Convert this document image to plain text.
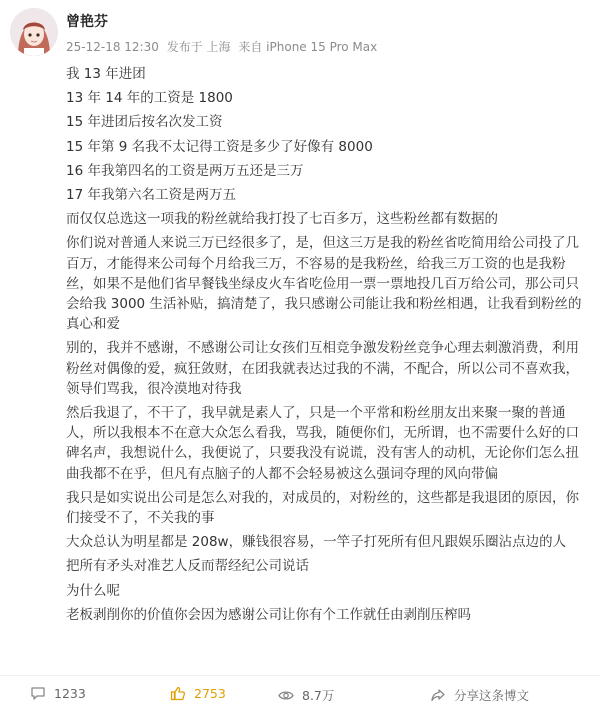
曾艳芬
25-12-18 12:30 发布于 上海 来自 iPhone 15 Pro Max

我 13 年进团

13 年 14 年的工资是 1800

15 年进团后按名次发工资

15 年第 9 名我不太记得工资是多少了好像有 8000

16 年我第四名的工资是两万五还是三万

17 年我第六名工资是两万五

而仅仅总选这一项我的粉丝就给我打投了七百多万，这些粉丝都有数据的

你们说对普通人来说三万已经很多了，是，但这三万是我的粉丝省吃简用给公司投了几百万，才能得来公司每个月给我三万，不容易的是我粉丝，给我三万工资的也是我粉丝，如果不是他们省早餐钱坐绿皮火车省吃俭用一票一票地投几百万给公司，那公司只会给我 3000 生活补贴，搞清楚了，我只感谢公司能让我和粉丝相遇，让我看到粉丝的真心和爱

别的，我并不感谢，不感谢公司让女孩们互相竞争激发粉丝竞争心理去刺激消费，利用粉丝对偶像的爱，疯狂敛财，在团我就表达过我的不满，不配合，所以公司不喜欢我，领导们骂我，很冷漠地对待我

然后我退了，不干了，我早就是素人了，只是一个平常和粉丝朋友出来聚一聚的普通人，所以我根本不在意大众怎么看我，骂我，随便你们，无所谓，也不需要什么好的口碑名声，我想说什么，我便说了，只要我没有说谎，没有害人的动机，无论你们怎么扭曲我都不在乎，但凡有点脑子的人都不会轻易被这么强词夺理的风向带偏

我只是如实说出公司是怎么对我的，对成员的，对粉丝的，这些都是我退团的原因，你们接受不了，不关我的事

大众总认为明星都是 208w，赚钱很容易，一竿子打死所有但凡跟娱乐圈沾点边的人

把所有矛头对准艺人反而帮经纪公司说话

为什么呢

老板剥削你的价值你会因为感谢公司让你有个工作就任由剥削压榨吗

1233	2753	8.7万	分享这条博文
